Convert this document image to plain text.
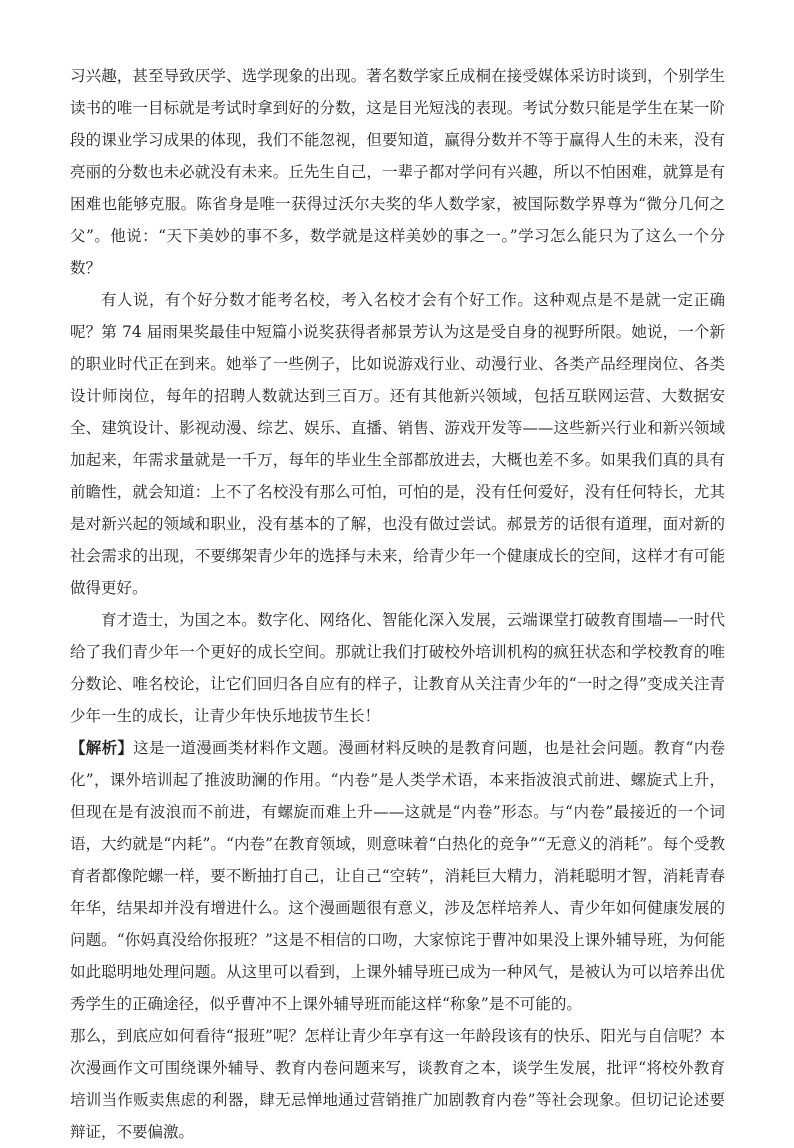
习兴趣，甚至导致厌学、选学现象的出现。著名数学家丘成桐在接受媒体采访时谈到，个别学生读书的唯一目标就是考试时拿到好的分数，这是目光短浅的表现。考试分数只能是学生在某一阶段的课业学习成果的体现，我们不能忽视，但要知道，赢得分数并不等于赢得人生的未来，没有亮丽的分数也未必就没有未来。丘先生自己，一辈子都对学问有兴趣，所以不怕困难，就算是有困难也能够克服。陈省身是唯一获得过沃尔夫奖的华人数学家，被国际数学界尊为“微分几何之父”。他说：“天下美妙的事不多，数学就是这样美妙的事之一。”学习怎么能只为了这么一个分数？

有人说，有个好分数才能考名校，考入名校才会有个好工作。这种观点是不是就一定正确呢？第 74 届雨果奖最佳中短篇小说奖获得者郝景芳认为这是受自身的视野所限。她说，一个新的职业时代正在到来。她举了一些例子，比如说游戏行业、动漫行业、各类产品经理岗位、各类设计师岗位，每年的招聘人数就达到三百万。还有其他新兴领域，包括互联网运营、大数据安全、建筑设计、影视动漫、综艺、娱乐、直播、销售、游戏开发等——这些新兴行业和新兴领域加起来，年需求量就是一千万，每年的毕业生全部都放进去，大概也差不多。如果我们真的具有前瞻性，就会知道：上不了名校没有那么可怕，可怕的是，没有任何爱好，没有任何特长，尤其是对新兴起的领域和职业，没有基本的了解，也没有做过尝试。郝景芳的话很有道理，面对新的社会需求的出现，不要绑架青少年的选择与未来，给青少年一个健康成长的空间，这样才有可能做得更好。

育才造士，为国之本。数字化、网络化、智能化深入发展，云端课堂打破教育围墙—一时代给了我们青少年一个更好的成长空间。那就让我们打破校外培训机构的疯狂状态和学校教育的唯分数论、唯名校论，让它们回归各自应有的样子，让教育从关注青少年的“一时之得”变成关注青少年一生的成长，让青少年快乐地拔节生长！

【解析】这是一道漫画类材料作文题。漫画材料反映的是教育问题，也是社会问题。教育“内卷化”，课外培训起了推波助澜的作用。“内卷”是人类学术语，本来指波浪式前进、螺旋式上升，但现在是有波浪而不前进，有螺旋而难上升——这就是“内卷”形态。与“内卷”最接近的一个词语，大约就是“内耗”。“内卷”在教育领域，则意味着“白热化的竞争”“无意义的消耗”。每个受教育者都像陀螺一样，要不断抽打自己，让自己“空转”，消耗巨大精力，消耗聪明才智，消耗青春年华，结果却并没有增进什么。这个漫画题很有意义，涉及怎样培养人、青少年如何健康发展的问题。“你妈真没给你报班？”这是不相信的口吻，大家惊诧于曹冲如果没上课外辅导班，为何能如此聪明地处理问题。从这里可以看到，上课外辅导班已成为一种风气，是被认为可以培养出优秀学生的正确途径，似乎曹冲不上课外辅导班而能这样“称象”是不可能的。

那么，到底应如何看待“报班”呢？怎样让青少年享有这一年龄段该有的快乐、阳光与自信呢？本次漫画作文可围绕课外辅导、教育内卷问题来写，谈教育之本，谈学生发展，批评“将校外教育培训当作贩卖焦虑的利器，肆无忌惮地通过营销推广加剧教育内卷”等社会现象。但切记论述要辩证，不要偏激。
